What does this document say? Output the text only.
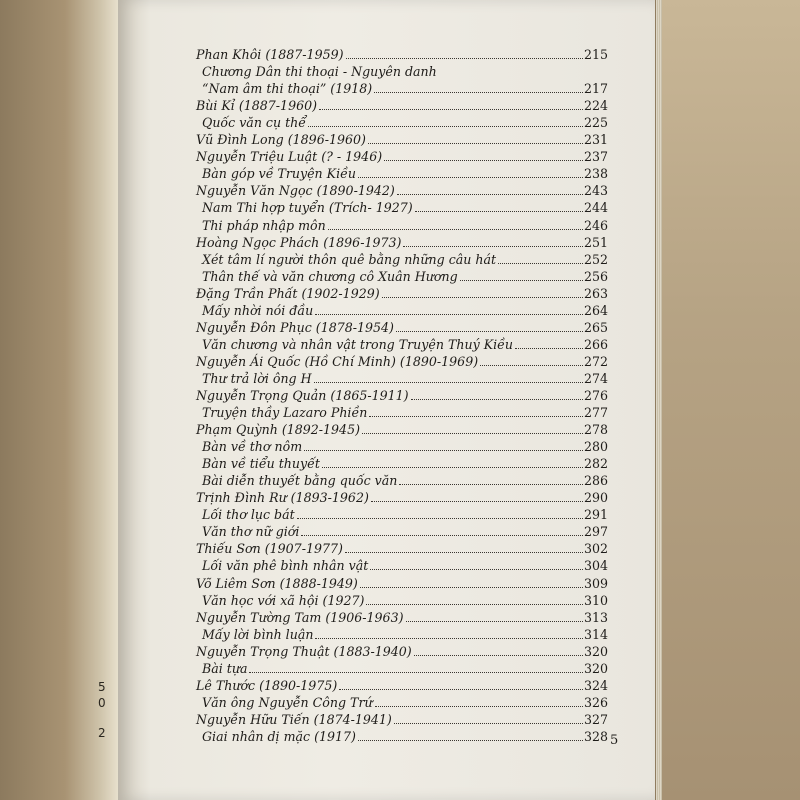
5
0
2
Phan Khôi (1887-1959)	215
Chương Dân thi thoại - Nguyên danh
“Nam âm thi thoại” (1918)	217
Bùi Kỉ (1887-1960)	224
Quốc văn cụ thể	225
Vũ Đình Long (1896-1960)	231
Nguyễn Triệu Luật (? - 1946)	237
Bàn góp về Truyện Kiều	238
Nguyễn Văn Ngọc (1890-1942)	243
Nam Thi hợp tuyển (Trích- 1927)	244
Thi pháp nhập môn	246
Hoàng Ngọc Phách (1896-1973)	251
Xét tâm lí người thôn quê bằng những câu hát	252
Thân thế và văn chương cô Xuân Hương	256
Đặng Trần Phất (1902-1929)	263
Mấy nhời nói đầu	264
Nguyễn Đôn Phục (1878-1954)	265
Văn chương và nhân vật trong Truyện Thuý Kiều	266
Nguyễn Ái Quốc (Hồ Chí Minh) (1890-1969)	272
Thư trả lời ông H	274
Nguyễn Trọng Quản (1865-1911)	276
Truyện thầy Lazaro Phiền	277
Phạm Quỳnh (1892-1945)	278
Bàn về thơ nôm	280
Bàn về tiểu thuyết	282
Bài diễn thuyết bằng quốc văn	286
Trịnh Đình Rư (1893-1962)	290
Lối thơ lục bát	291
Văn thơ nữ giới	297
Thiếu Sơn (1907-1977)	302
Lối văn phê bình nhân vật	304
Võ Liêm Sơn (1888-1949)	309
Văn học với xã hội (1927)	310
Nguyễn Tường Tam (1906-1963)	313
Mấy lời bình luận	314
Nguyễn Trọng Thuật (1883-1940)	320
Bài tựa	320
Lê Thước (1890-1975)	324
Văn ông Nguyễn Công Trứ	326
Nguyễn Hữu Tiến (1874-1941)	327
Giai nhân dị mặc (1917)	328 5
